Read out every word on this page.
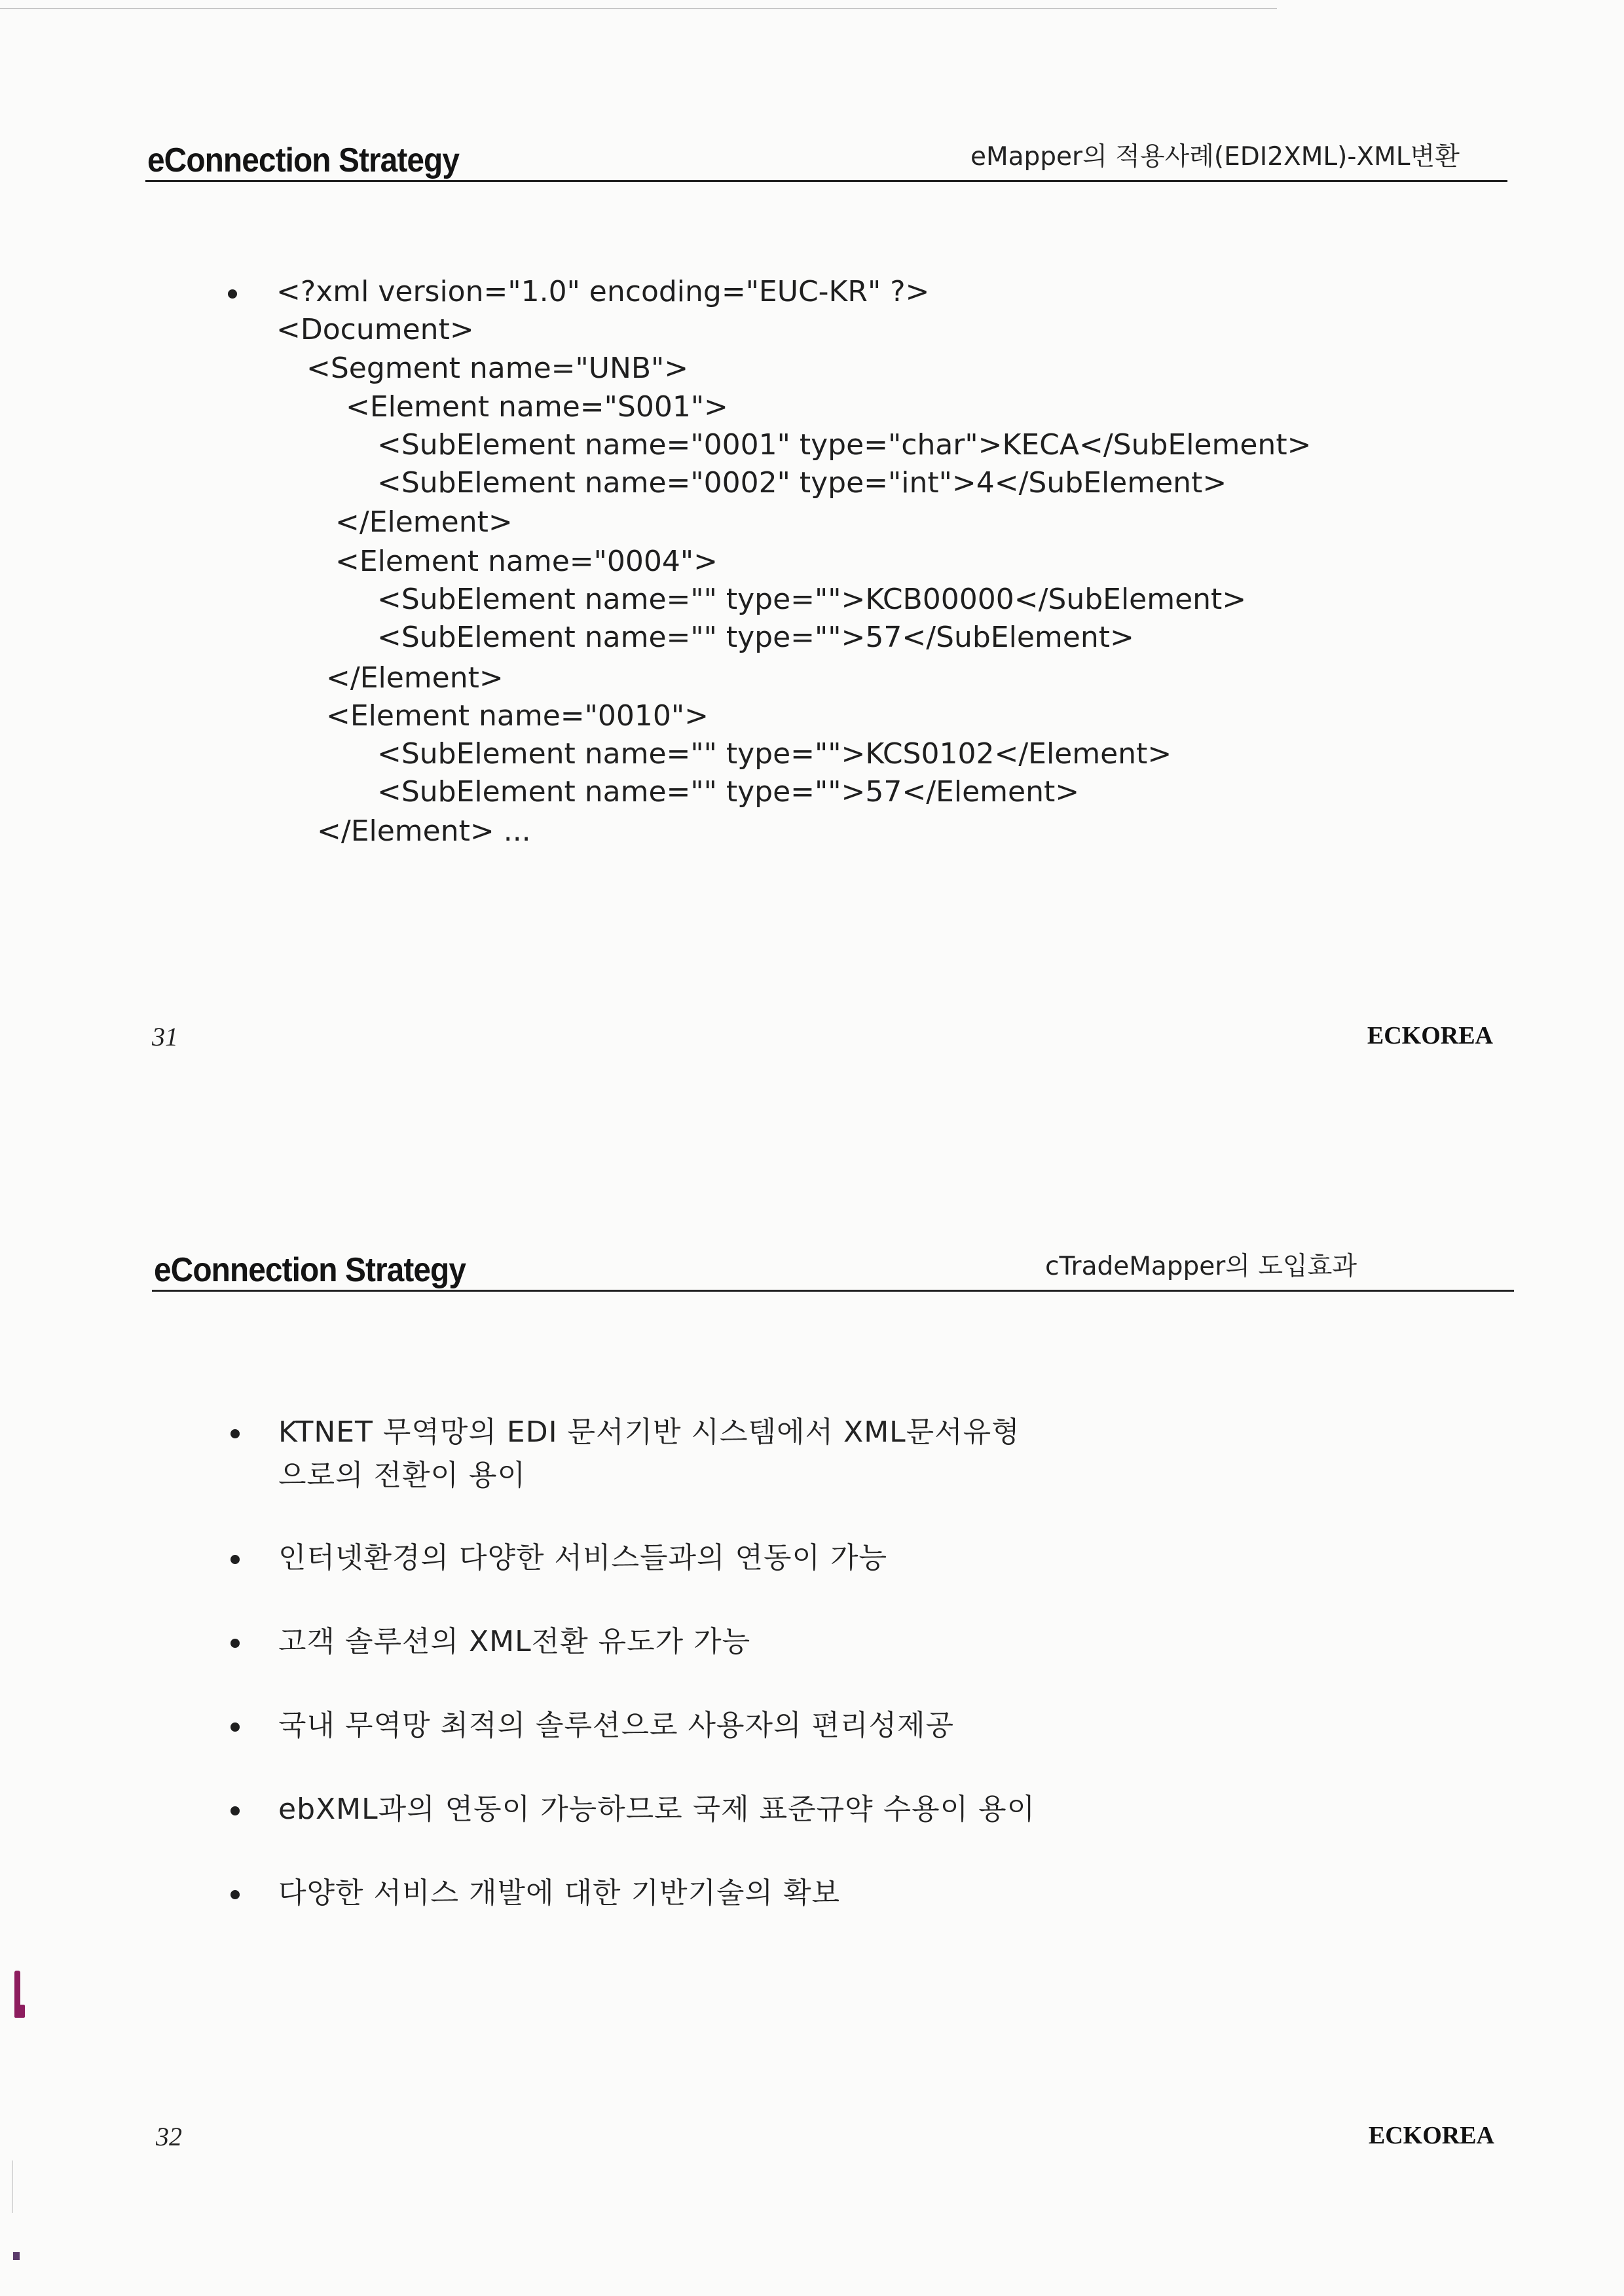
eConnection Strategy	eMapper의 적용사례(EDI2XML)-XML변환
<?xml version="1.0" encoding="EUC-KR" ?>
<Document>
<Segment name="UNB">
<Element name="S001">
<SubElement name="0001" type="char">KECA</SubElement>
<SubElement name="0002" type="int">4</SubElement>
</Element>
<Element name="0004">
<SubElement name="" type="">KCB00000</SubElement>
<SubElement name="" type="">57</SubElement>
</Element>
<Element name="0010">
<SubElement name="" type="">KCS0102</Element>
<SubElement name="" type="">57</Element>
</Element> ...
31	ECKOREA
eConnection Strategy	cTradeMapper의 도입효과
KTNET 무역망의 EDI 문서기반 시스템에서 XML문서유형
으로의 전환이 용이
인터넷환경의 다양한 서비스들과의 연동이 가능
고객 솔루션의 XML전환 유도가 가능
국내 무역망 최적의 솔루션으로 사용자의 편리성제공
ebXML과의 연동이 가능하므로 국제 표준규약 수용이 용이
다양한 서비스 개발에 대한 기반기술의 확보
32	ECKOREA
